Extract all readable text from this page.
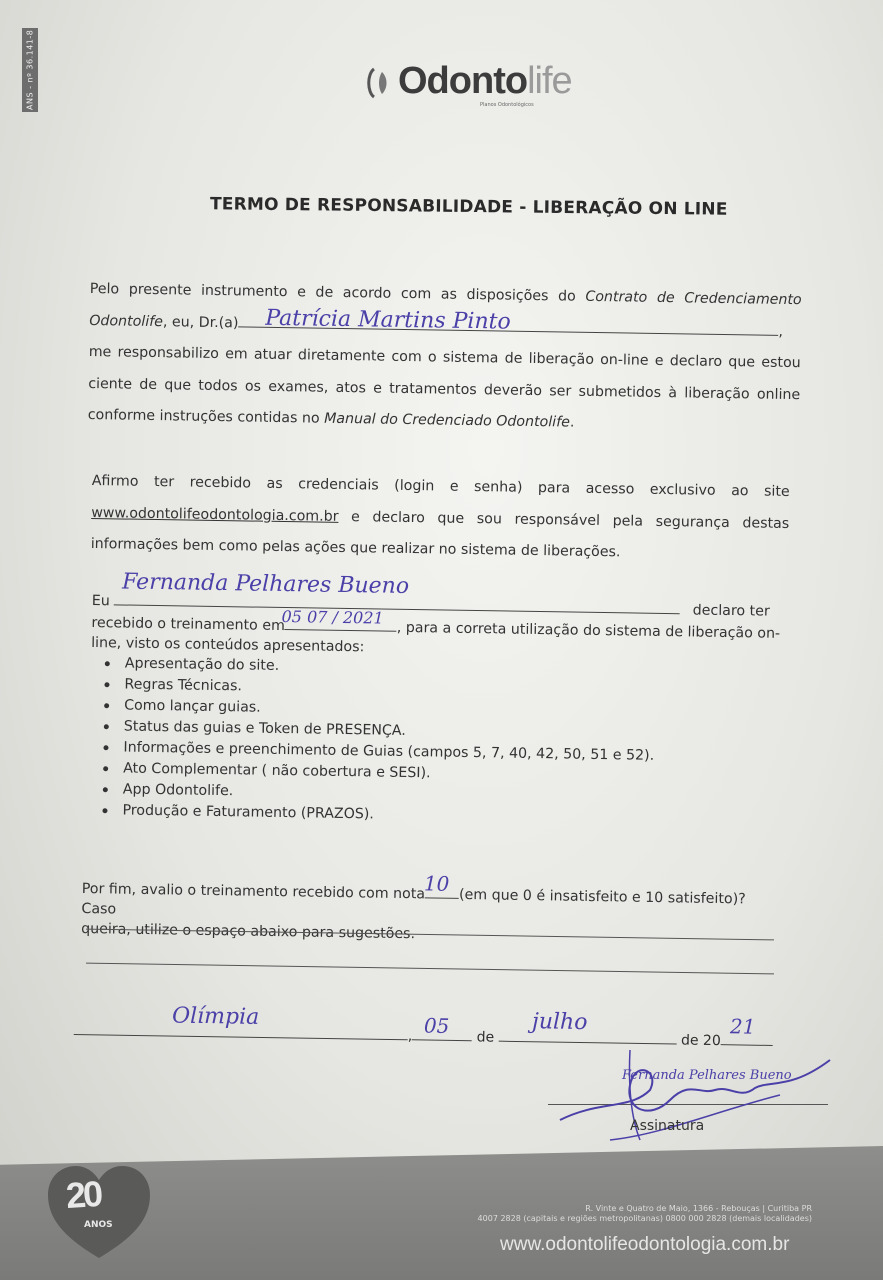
ANS - nº 36.141-8	Odontolife
Planos Odontológicos
TERMO DE RESPONSABILIDADE - LIBERAÇÃO ON LINE
Pelo presente instrumento e de acordo com as disposições do Contrato de Credenciamento
Odontolife, eu, Dr.(a),
Patrícia Martins Pinto
me responsabilizo em atuar diretamente com o sistema de liberação on-line e declaro que estou ciente de que todos os exames, atos e tratamentos deverão ser submetidos à liberação online conforme instruções contidas no Manual do Credenciado Odontolife.
Afirmo ter recebido as credenciais (login e senha) para acesso exclusivo ao site
www.odontolifeodontologia.com.br e declaro que sou responsável pela segurança destas informações bem como pelas ações que realizar no sistema de liberações.
Eu  declaro ter
Fernanda Pelhares Bueno
recebido o treinamento em	, para a correta utilização do sistema de liberação on-
05 07 / 2021
line, visto os conteúdos apresentados:
Apresentação do site.
Regras Técnicas.
Como lançar guias.
Status das guias e Token de PRESENÇA.
Informações e preenchimento de Guias (campos 5, 7, 40, 42, 50, 51 e 52).
Ato Complementar ( não cobertura e SESI).
App Odontolife.
Produção e Faturamento (PRAZOS).
Por fim, avalio o treinamento recebido com nota (em que 0 é insatisfeito e 10 satisfeito)? Caso
10
queira, utilize o espaço abaixo para sugestões.
,	de	de 20
Olímpia	05	julho	21
Fernanda Pelhares Bueno
Assinatura
20
ANOS
R. Vinte e Quatro de Maio, 1366 - Rebouças | Curitiba PR
4007 2828 (capitais e regiões metropolitanas) 0800 000 2828 (demais localidades)
www.odontolifeodontologia.com.br
